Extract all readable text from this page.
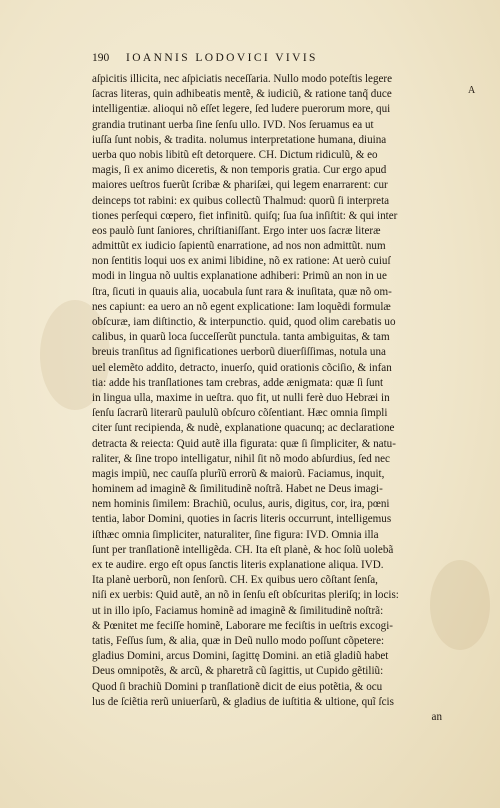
190	IOANNIS LODOVICI VIVIS
aſpicitis illicita, nec aſpiciatis neceſſaria. Nullo modo poteſtis legere
ſacras literas, quin adhibeatis mentẽ, & iudiciũ, & ratione tanq̃ duce
intelligentiæ. alioqui nõ eſſet legere, ſed ludere puerorum more, qui
grandia trutinant uerba ſine ſenſu ullo. IVD. Nos ſeruamus ea ut
iuſſa ſunt nobis, & tradita. nolumus interpretatione humana, diuina
uerba quo nobis libitũ eſt detorquere. CH. Dictum ridiculũ, & eo
magis, ſi ex animo diceretis, & non temporis gratia. Cur ergo apud
maiores ueſtros fuerũt ſcribæ & phariſæi, qui legem enarrarent: cur
deinceps tot rabini: ex quibus collectũ Thalmud: quorũ ſi interpreta
tiones perſequi cœpero, fiet infinitũ. quiſq; ſua ſua inſiſtit: & qui inter
eos paulò ſunt ſaniores, chriſtianiſſant. Ergo inter uos ſacræ literæ
admittũt ex iudicio ſapientũ enarratione, ad nos non admittũt. num
non ſentitis loqui uos ex animi libidine, nõ ex ratione: At uerò cuiuſ
modi in lingua nõ uultis explanatione adhiberi: Primũ an non in ue
ſtra, ſicuti in quauis alia, uocabula ſunt rara & inuſitata, quæ nõ om-
nes capiunt: ea uero an nõ egent explicatione: Iam loquẽdi formulæ
obſcuræ, iam diſtinctio, & interpunctio. quid, quod olim carebatis uo
calibus, in quarũ loca ſucceſſerũt punctula. tanta ambiguitas, & tam
breuis tranſitus ad ſignificationes uerborũ diuerſiſſimas, notula una
uel elemẽto addito, detracto, inuerſo, quid orationis cõciſio, & infan
tia: adde his tranſlationes tam crebras, adde ænigmata: quæ ſi ſunt
in lingua ulla, maxime in ueſtra. quo fit, ut nulli ferè duo Hebræi in
ſenſu ſacrarũ literarũ paululũ obſcuro cõſentiant. Hæc omnia ſimpli
citer ſunt recipienda, & nudè, explanatione quacunq; ac declaratione
detracta & reiecta: Quid autẽ illa figurata: quæ ſi ſimpliciter, & natu-
raliter, & ſine tropo intelligatur, nihil ſit nõ modo abſurdius, ſed nec
magis impiũ, nec cauſſa plurĩũ errorũ & maiorũ. Faciamus, inquit,
hominem ad imaginẽ & ſimilitudinẽ noſtrã. Habet ne Deus imagi-
nem hominis ſimilem: Brachiũ, oculus, auris, digitus, cor, ira, pœni
tentia, labor Domini, quoties in ſacris literis occurrunt, intelligemus
iſthæc omnia ſimpliciter, naturaliter, ſine figura: IVD. Omnia illa
ſunt per tranſlationẽ intelligẽda. CH. Ita eſt planè, & hoc ſolũ uolebã
ex te audire. ergo eſt opus ſanctis literis explanatione aliqua. IVD.
Ita planè uerborũ, non ſenſorũ. CH. Ex quibus uero cõſtant ſenſa,
niſi ex uerbis: Quid autẽ, an nõ in ſenſu eſt obſcuritas pleriſq; in locis:
ut in illo ipſo, Faciamus hominẽ ad imaginẽ & ſimilitudinẽ noſtrã:
& Pœnitet me feciſſe hominẽ, Laborare me feciſtis in ueſtris excogi-
tatis, Feſſus ſum, & alia, quæ in Deũ nullo modo poſſunt cõpetere:
gladius Domini, arcus Domini, ſagittę Domini. an etiã gladiũ habet
Deus omnipotẽs, & arcũ, & pharetrã cũ ſagittis, ut Cupido gẽtiliũ:
Quod ſi brachiũ Domini p tranſlationẽ dicit de eius potẽtia, & ocu
lus de ſciẽtia rerũ uniuerſarũ, & gladius de iuſtitia & ultione, quĩ ſcis
an
A
